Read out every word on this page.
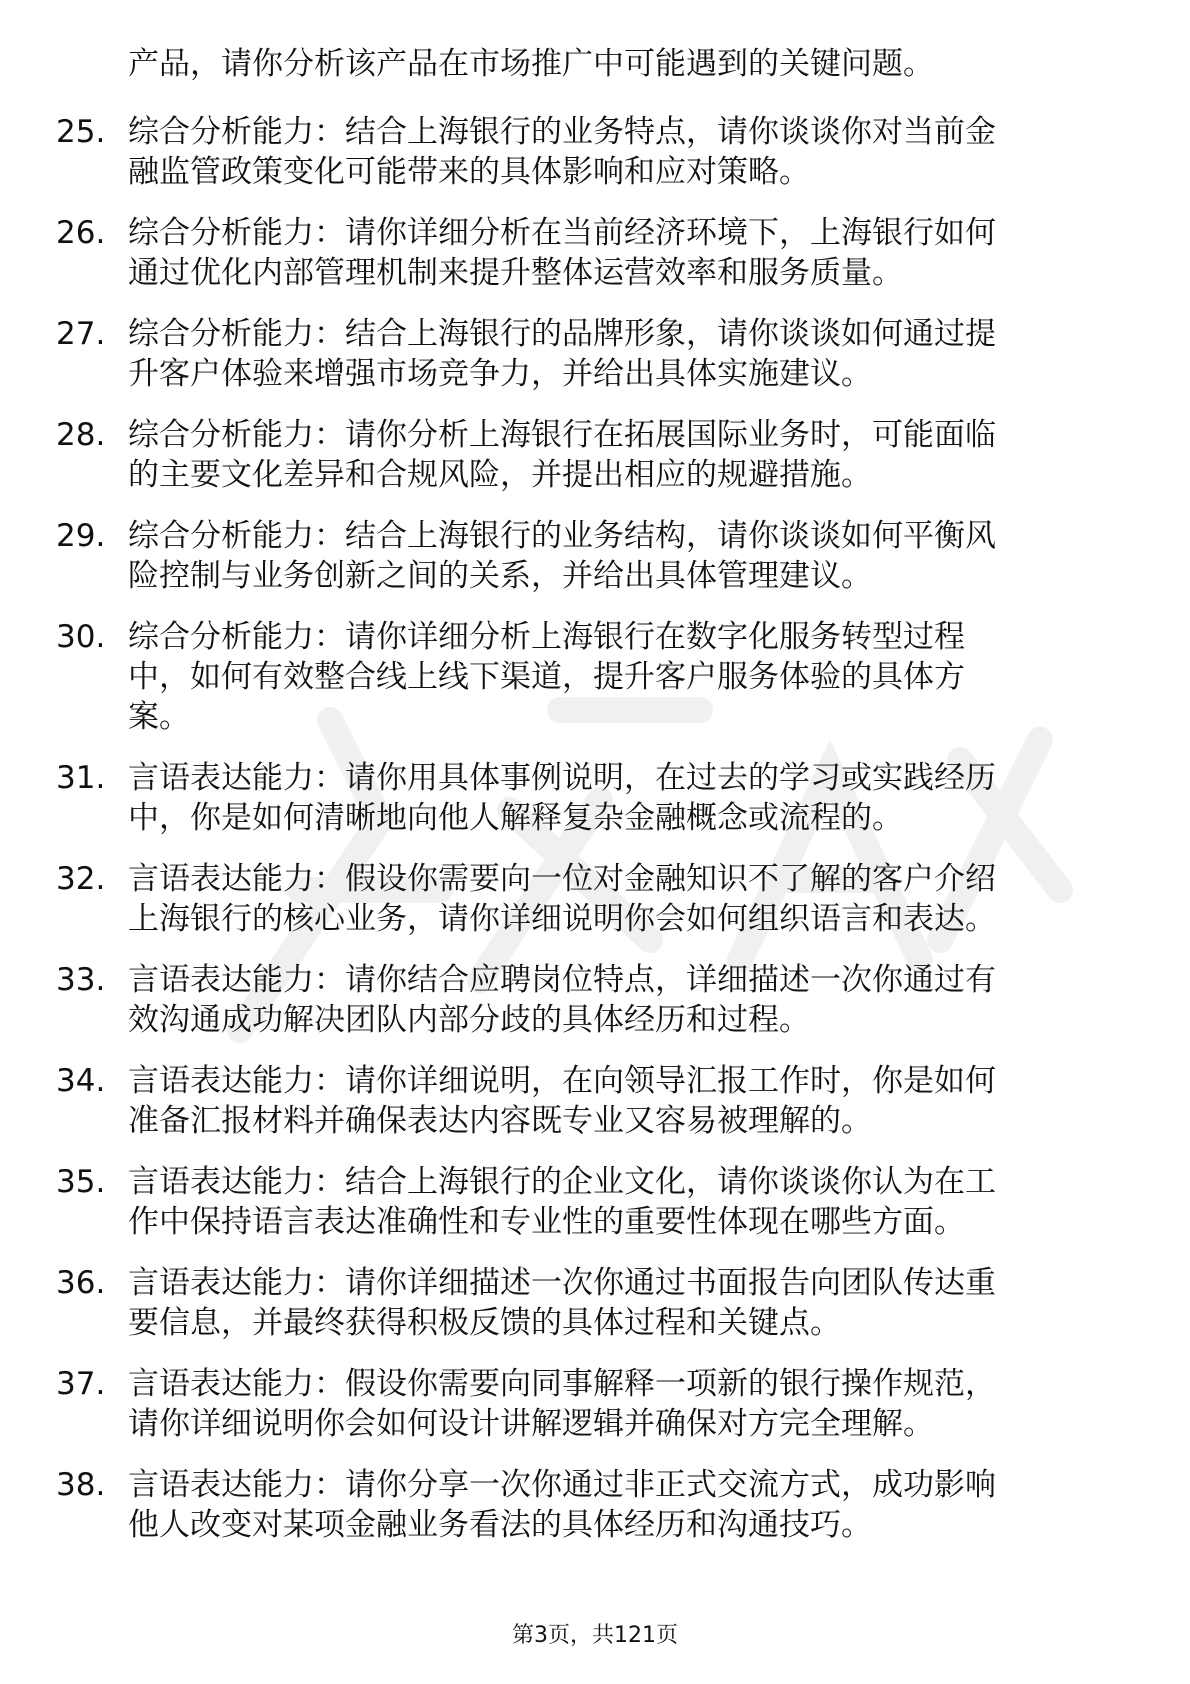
产品，请你分析该产品在市场推广中可能遇到的关键问题。
25. 综合分析能力：结合上海银行的业务特点，请你谈谈你对当前金
融监管政策变化可能带来的具体影响和应对策略。
26. 综合分析能力：请你详细分析在当前经济环境下，上海银行如何
通过优化内部管理机制来提升整体运营效率和服务质量。
27. 综合分析能力：结合上海银行的品牌形象，请你谈谈如何通过提
升客户体验来增强市场竞争力，并给出具体实施建议。
28. 综合分析能力：请你分析上海银行在拓展国际业务时，可能面临
的主要文化差异和合规风险，并提出相应的规避措施。
29. 综合分析能力：结合上海银行的业务结构，请你谈谈如何平衡风
险控制与业务创新之间的关系，并给出具体管理建议。
30. 综合分析能力：请你详细分析上海银行在数字化服务转型过程
中，如何有效整合线上线下渠道，提升客户服务体验的具体方
案。
31. 言语表达能力：请你用具体事例说明，在过去的学习或实践经历
中，你是如何清晰地向他人解释复杂金融概念或流程的。
32. 言语表达能力：假设你需要向一位对金融知识不了解的客户介绍
上海银行的核心业务，请你详细说明你会如何组织语言和表达。
33. 言语表达能力：请你结合应聘岗位特点，详细描述一次你通过有
效沟通成功解决团队内部分歧的具体经历和过程。
34. 言语表达能力：请你详细说明，在向领导汇报工作时，你是如何
准备汇报材料并确保表达内容既专业又容易被理解的。
35. 言语表达能力：结合上海银行的企业文化，请你谈谈你认为在工
作中保持语言表达准确性和专业性的重要性体现在哪些方面。
36. 言语表达能力：请你详细描述一次你通过书面报告向团队传达重
要信息，并最终获得积极反馈的具体过程和关键点。
37. 言语表达能力：假设你需要向同事解释一项新的银行操作规范，
请你详细说明你会如何设计讲解逻辑并确保对方完全理解。
38. 言语表达能力：请你分享一次你通过非正式交流方式，成功影响
他人改变对某项金融业务看法的具体经历和沟通技巧。
第3页，共121页
